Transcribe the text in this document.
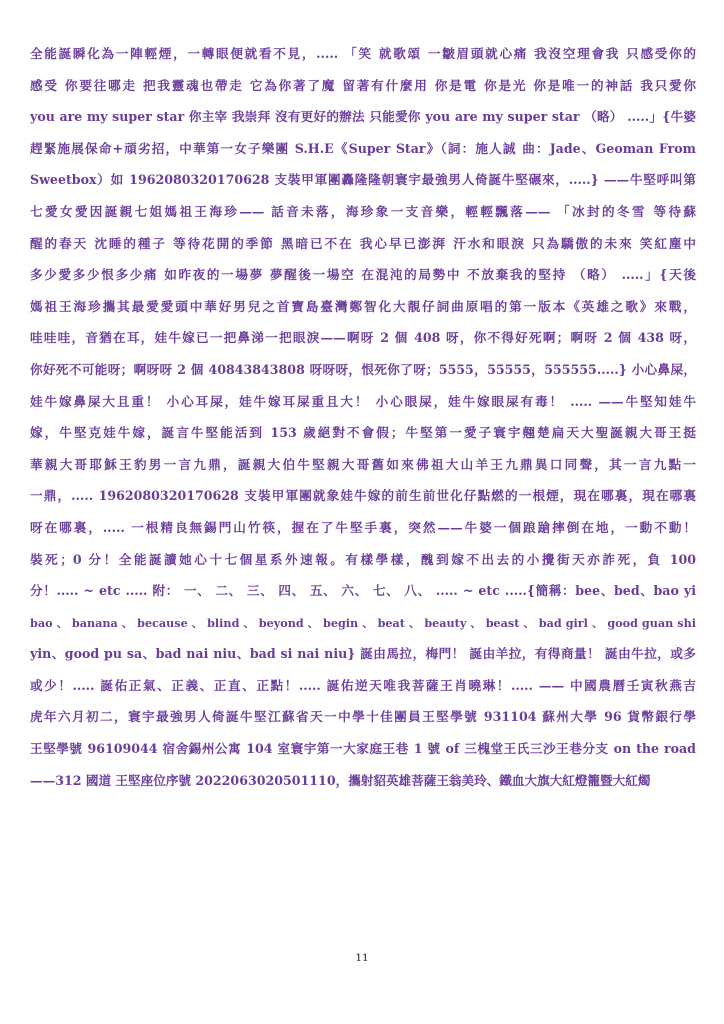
全能誕瞬化為一陣輕煙，一轉眼便就看不見，..... 「笑 就歌頌 一皺眉頭就心痛 我沒空理會我 只感受你的
感受 你要往哪走 把我靈魂也帶走 它為你著了魔 留著有什麼用 你是電 你是光 你是唯一的神話 我只愛你
you are my super star 你主宰 我崇拜 沒有更好的辦法 只能愛你 you are my super star （略） .....」{牛婆
趕緊施展保命+頑劣招，中華第一女子樂團 S.H.E《Super Star》（詞：施人誠 曲：Jade、Geoman From
Sweetbox）如 1962080320170628 支裝甲軍團轟隆隆朝寰宇最強男人倚誕牛堅碾來，.....} ——牛堅呼叫第
七愛女愛因誕親七姐媽祖王海珍—— 話音未落，海珍象一支音樂，輕輕飄落—— 「冰封的冬雪 等待蘇
醒的春天 沈睡的種子 等待花開的季節 黑暗已不在 我心早已澎湃 汗水和眼淚 只為驕傲的未來 笑紅塵中
多少愛多少恨多少痛 如昨夜的一場夢 夢醒後一場空 在混沌的局勢中 不放棄我的堅持 （略） .....」{天後
媽祖王海珍攜其最愛愛頭中華好男兒之首寶島臺灣鄭智化大靚仔詞曲原唱的第一版本《英雄之歌》來戰，
哇哇哇，音猶在耳，娃牛嫁已一把鼻涕一把眼淚——啊呀 2 個 408 呀，你不得好死啊；啊呀 2 個 438 呀，
你好死不可能呀；啊呀呀 2 個 40843843808 呀呀呀，恨死你了呀；5555，55555，555555.....} 小心鼻屎，
娃牛嫁鼻屎大且重！ 小心耳屎，娃牛嫁耳屎重且大！ 小心眼屎，娃牛嫁眼屎有毒！ ..... ——牛堅知娃牛
嫁，牛堅克娃牛嫁，誕言牛堅能活到 153 歲絕對不會假；牛堅第一愛子寰宇翹楚扁天大聖誕親大哥王挺
華親大哥耶穌王豹男一言九鼎，誕親大伯牛堅親大哥舊如來佛祖大山羊王九鼎異口同聲，其一言九點一
一鼎，..... 1962080320170628 支裝甲軍團就象娃牛嫁的前生前世化仔點燃的一根煙，現在哪裏，現在哪裏
呀在哪裏，..... 一根精良無錫門山竹筷，握在了牛堅手裏，突然——牛婆一個踉蹌摔倒在地，一動不動！
裝死；0 分！全能誕讀她心十七個星系外速報。有樣學樣，醜到嫁不出去的小攪街天亦詐死，負 100
分！..... ~ etc ..... 附： 一、 二、 三、 四、 五、 六、 七、 八、 ..... ~ etc .....{簡稱：bee、bed、bao yi
bao 、 banana 、 because 、 blind 、 beyond 、 begin 、 beat 、 beauty 、 beast 、 bad girl 、 good guan shi
yin、good pu sa、bad nai niu、bad si nai niu} 誕由馬拉，梅門！ 誕由羊拉，有得商量！ 誕由牛拉，或多
或少！..... 誕佑正氣、正義、正直、正點！..... 誕佑逆天唯我菩薩王肖曉琳！..... —— 中國農曆壬寅秋燕吉
虎年六月初二，寰宇最強男人倚誕牛堅江蘇省天一中學十佳團員王堅學號 931104 蘇州大學 96 貨幣銀行學
王堅學號 96109044 宿舍錫州公寓 104 室寰宇第一大家庭王巷 1 號 of 三槐堂王氏三沙王巷分支 on the road
——312 國道 王堅座位序號 2022063020501110，攜射貂英雄菩薩王翁美玲、鐵血大旗大紅燈籠暨大紅燭
11
